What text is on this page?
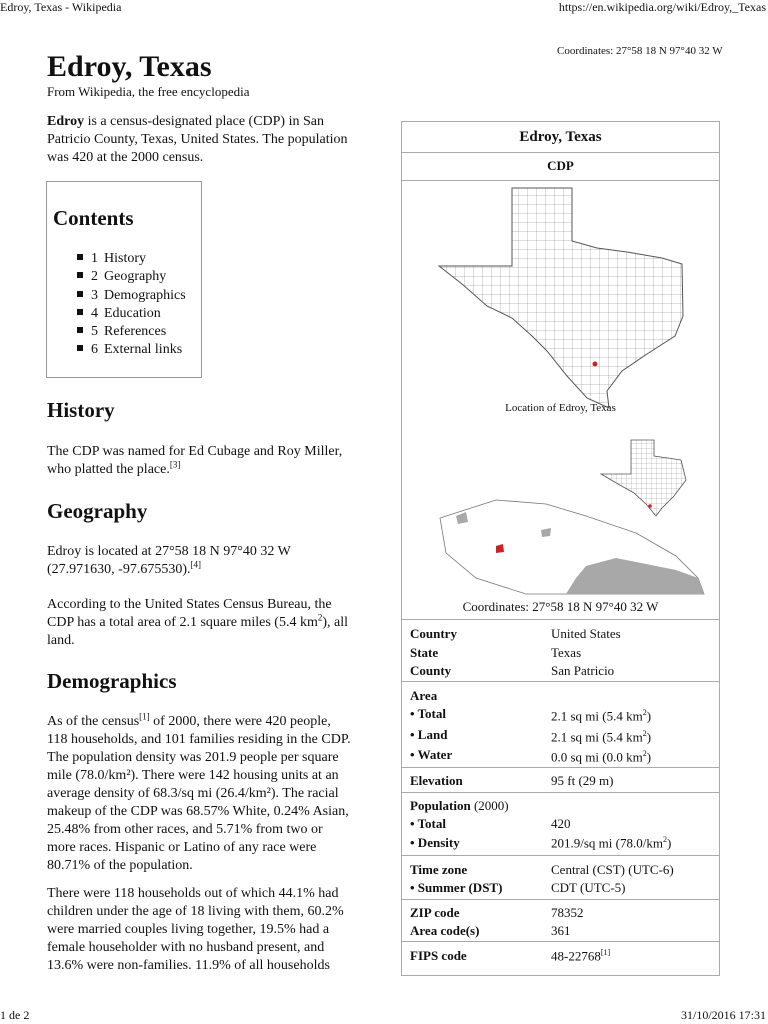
Edroy, Texas - Wikipedia	https://en.wikipedia.org/wiki/Edroy,_Texas
1 de 2	31/10/2016 17:31
Coordinates: 27°58 18 N 97°40 32 W
Edroy, Texas
From Wikipedia, the free encyclopedia
Edroy is a census-designated place (CDP) in San
Patricio County, Texas, United States. The population
was 420 at the 2000 census.
Contents
1 History
2 Geography
3 Demographics
4 Education
5 References
6 External links
History
The CDP was named for Ed Cubage and Roy Miller,
who platted the place.[3]
Geography
Edroy is located at 27°58 18 N 97°40 32 W
(27.971630, -97.675530).[4]
According to the United States Census Bureau, the
CDP has a total area of 2.1 square miles (5.4 $km^2$), all
land.
Demographics
As of the census[1] of 2000, there were 420 people,
118 households, and 101 families residing in the CDP.
The population density was 201.9 people per square
mile (78.0/km²). There were 142 housing units at an
average density of 68.3/sq mi (26.4/km²). The racial
makeup of the CDP was 68.57% White, 0.24% Asian,
25.48% from other races, and 5.71% from two or
more races. Hispanic or Latino of any race were
80.71% of the population.
There were 118 households out of which 44.1% had
children under the age of 18 living with them, 60.2%
were married couples living together, 19.5% had a
female householder with no husband present, and
13.6% were non-families. 11.9% of all households
Edroy, Texas
CDP
Location of Edroy, Texas
Coordinates: 27°58 18 N 97°40 32 W
Country	United States
State	Texas
County	San Patricio
Area
• Total	2.1 sq mi (5.4 $km^2$)
• Land	2.1 sq mi (5.4 $km^2$)
• Water	0.0 sq mi (0.0 $km^2$)
Elevation	95 ft (29 m)
Population (2000)
• Total	420
• Density	201.9/sq mi $(78.0/km^2)$
Time zone	Central (CST) (UTC-6)
• Summer (DST)	CDT (UTC-5)
ZIP code	78352
Area code(s)	361
FIPS code	48-22768[1]
